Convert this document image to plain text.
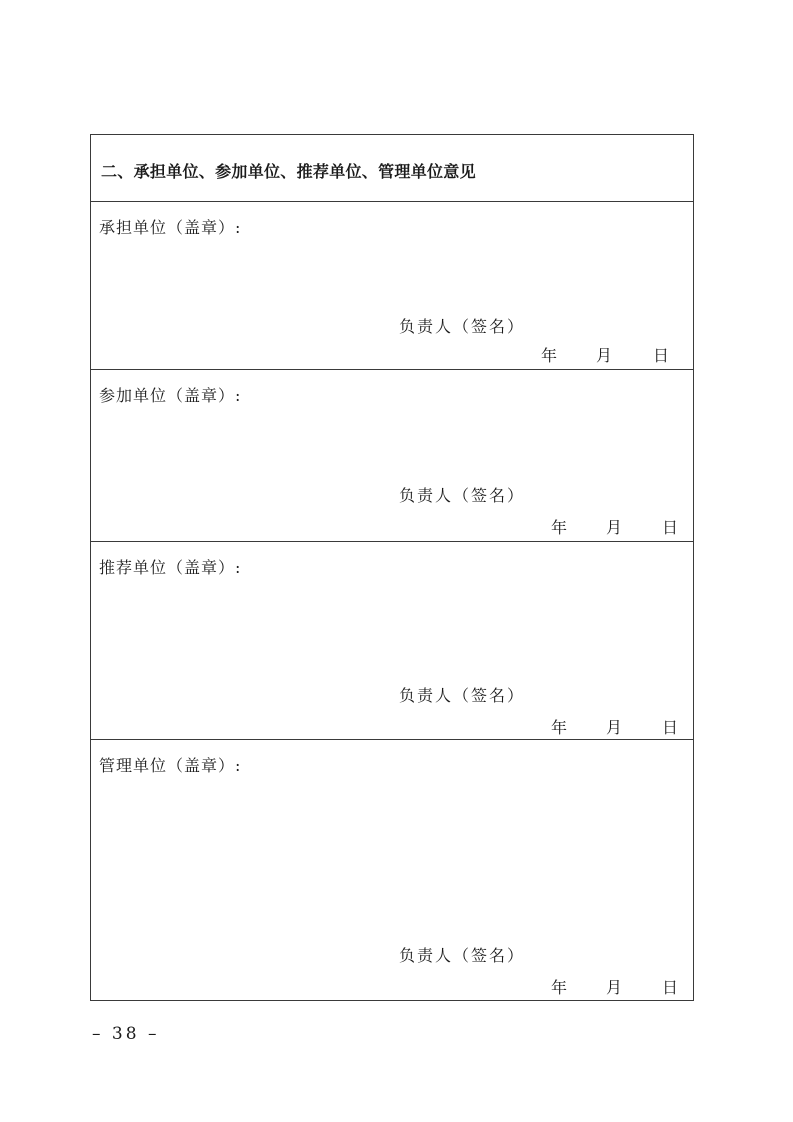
二、承担单位、参加单位、推荐单位、管理单位意见
承担单位（盖章）:
负责人（签名）
年 月	日
参加单位（盖章）:
负责人（签名）
年 月 日
推荐单位（盖章）:
负责人（签名）
年 月 日
管理单位（盖章）:
负责人（签名）
年 月 日
– 38 –
